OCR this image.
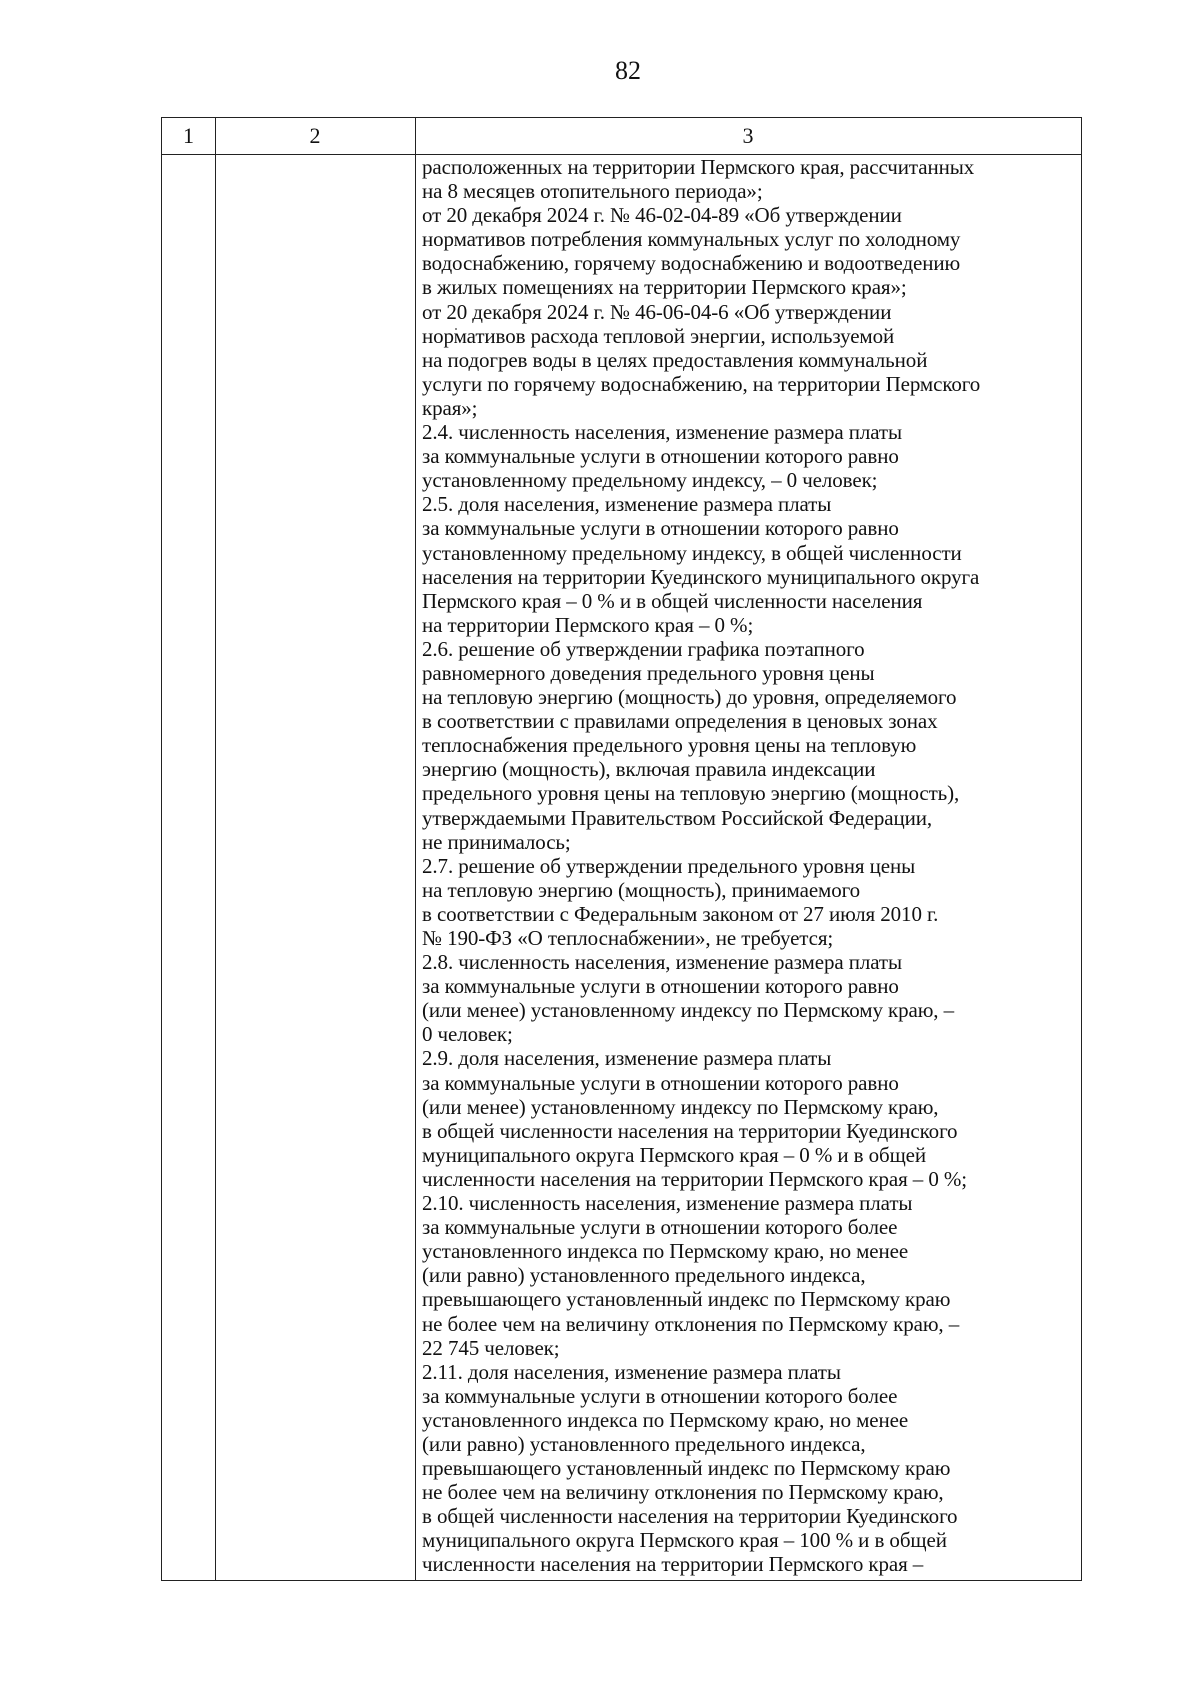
82
1	2	3
расположенных на территории Пермского края, рассчитанных
на 8 месяцев отопительного периода»;
от 20 декабря 2024 г. № 46-02-04-89 «Об утверждении
нормативов потребления коммунальных услуг по холодному
водоснабжению, горячему водоснабжению и водоотведению
в жилых помещениях на территории Пермского края»;
от 20 декабря 2024 г. № 46-06-04-6 «Об утверждении
нормативов расхода тепловой энергии, используемой
на подогрев воды в целях предоставления коммунальной
услуги по горячему водоснабжению, на территории Пермского
края»;
2.4. численность населения, изменение размера платы
за коммунальные услуги в отношении которого равно
установленному предельному индексу, – 0 человек;
2.5. доля населения, изменение размера платы
за коммунальные услуги в отношении которого равно
установленному предельному индексу, в общей численности
населения на территории Куединского муниципального округа
Пермского края – 0 % и в общей численности населения
на территории Пермского края – 0 %;
2.6. решение об утверждении графика поэтапного
равномерного доведения предельного уровня цены
на тепловую энергию (мощность) до уровня, определяемого
в соответствии с правилами определения в ценовых зонах
теплоснабжения предельного уровня цены на тепловую
энергию (мощность), включая правила индексации
предельного уровня цены на тепловую энергию (мощность),
утверждаемыми Правительством Российской Федерации,
не принималось;
2.7. решение об утверждении предельного уровня цены
на тепловую энергию (мощность), принимаемого
в соответствии с Федеральным законом от 27 июля 2010 г.
№ 190-ФЗ «О теплоснабжении», не требуется;
2.8. численность населения, изменение размера платы
за коммунальные услуги в отношении которого равно
(или менее) установленному индексу по Пермскому краю, –
0 человек;
2.9. доля населения, изменение размера платы
за коммунальные услуги в отношении которого равно
(или менее) установленному индексу по Пермскому краю,
в общей численности населения на территории Куединского
муниципального округа Пермского края – 0 % и в общей
численности населения на территории Пермского края – 0 %;
2.10. численность населения, изменение размера платы
за коммунальные услуги в отношении которого более
установленного индекса по Пермскому краю, но менее
(или равно) установленного предельного индекса,
превышающего установленный индекс по Пермскому краю
не более чем на величину отклонения по Пермскому краю, –
22 745 человек;
2.11. доля населения, изменение размера платы
за коммунальные услуги в отношении которого более
установленного индекса по Пермскому краю, но менее
(или равно) установленного предельного индекса,
превышающего установленный индекс по Пермскому краю
не более чем на величину отклонения по Пермскому краю,
в общей численности населения на территории Куединского
муниципального округа Пермского края – 100 % и в общей
численности населения на территории Пермского края –
